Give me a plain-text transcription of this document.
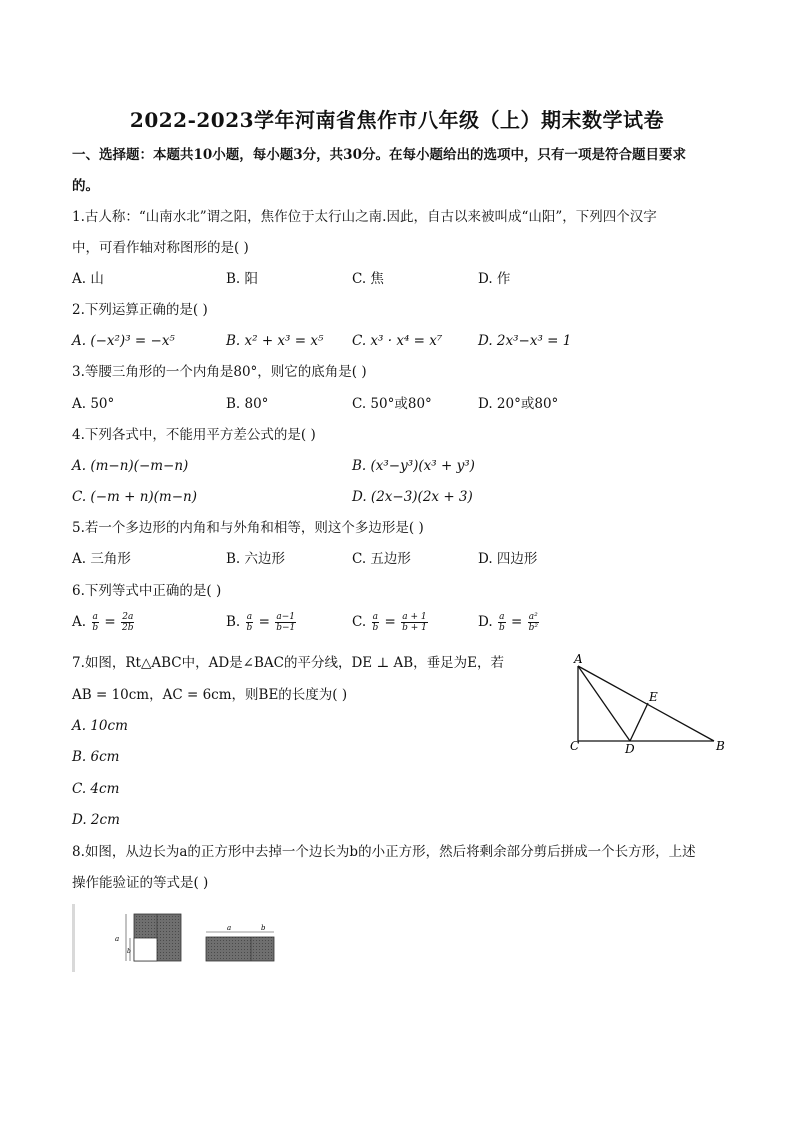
2022-2023学年河南省焦作市八年级（上）期末数学试卷
一、选择题：本题共10小题，每小题3分，共30分。在每小题给出的选项中，只有一项是符合题目要求
的。
1.古人称：“山南水北”谓之阳，焦作位于太行山之南.因此，自古以来被叫成“山阳”，下列四个汉字
中，可看作轴对称图形的是( )
A. 山	B. 阳	C. 焦	D. 作
2.下列运算正确的是( )
A. (−x²)³ = −x⁵	B. x² + x³ = x⁵ C. x³ · x⁴ = x⁷	D. 2x³−x³ = 1
3.等腰三角形的一个内角是80°，则它的底角是( )
A. 50°	B. 80°	C. 50°或80°	D. 20°或80°
4.下列各式中，不能用平方差公式的是( )
A. (m−n)(−m−n)	B. (x³−y³)(x³ + y³)
C. (−m + n)(m−n)	D. (2x−3)(2x + 3)
5.若一个多边形的内角和与外角和相等，则这个多边形是( )
A. 三角形	B. 六边形	C. 五边形	D. 四边形
6.下列等式中正确的是( )
A. $\frac{a}{b} = \frac{2a}{2b}$	B. $\frac{a}{b} = \frac{a-1}{b-1}$	C. $\frac{a}{b} = \frac{a + 1}{b + 1}$	D. $\frac{a}{b} = \frac{\text{a²}}{\text{b²}}$
7.如图，Rt△ABC中，AD是∠BAC的平分线，DE ⊥ AB，垂足为E，若
AB = 10cm，AC = 6cm，则BE的长度为( )
A. 10cm
B. 6cm
C. 4cm
D. 2cm
A
B
C	D
E
8.如图，从边长为a的正方形中去掉一个边长为b的小正方形，然后将剩余部分剪后拼成一个长方形，上述
操作能验证的等式是( )
a
b
a	b
